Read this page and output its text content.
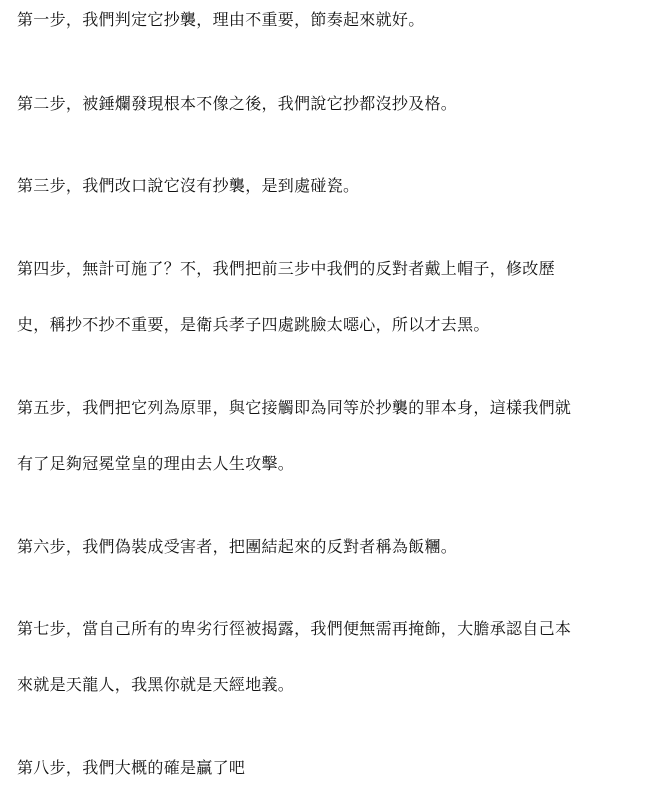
第一步，我們判定它抄襲，理由不重要，節奏起來就好。
第二步，被錘爛發現根本不像之後，我們說它抄都沒抄及格。
第三步，我們改口說它沒有抄襲，是到處碰瓷。
第四步，無計可施了？不，我們把前三步中我們的反對者戴上帽子，修改歷
史，稱抄不抄不重要，是衛兵孝子四處跳臉太噁心，所以才去黑。
第五步，我們把它列為原罪，與它接觸即為同等於抄襲的罪本身，這樣我們就
有了足夠冠冕堂皇的理由去人生攻擊。
第六步，我們偽裝成受害者，把團結起來的反對者稱為飯糰。
第七步，當自己所有的卑劣行徑被揭露，我們便無需再掩飾，大膽承認自己本
來就是天龍人，我黑你就是天經地義。
第八步，我們大概的確是贏了吧
